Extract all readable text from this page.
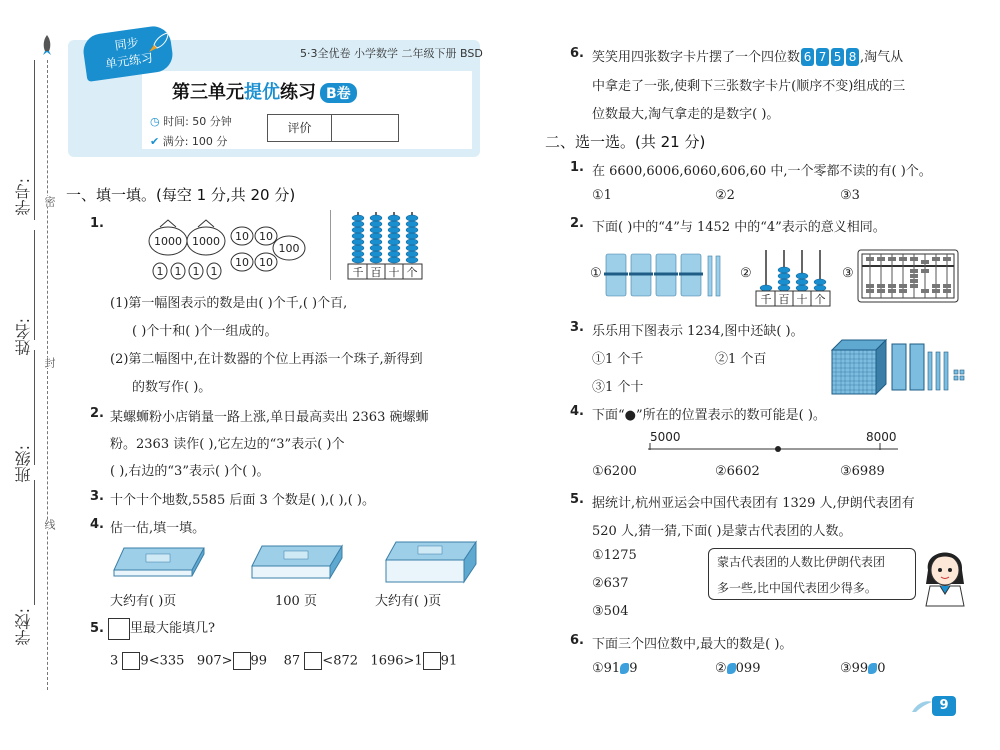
学号:
姓名:
班级:
学校:
密
封
线
同步
单元练习	5·3全优卷 小学数学 二年级下册 BSD
第三单元提优练习 B卷
◷ 时间: 50 分钟
✔ 满分: 100 分
评价
一、填一填。(每空 1 分,共 20 分)
1.
1000 1000 10 10
10 10
100
1 1 1 1	千 百 十 个
(1)第一幅图表示的数是由( )个千,( )个百,
( )个十和( )个一组成的。
(2)第二幅图中,在计数器的个位上再添一个珠子,新得到
的数写作( )。
2. 某螺蛳粉小店销量一路上涨,单日最高卖出 2363 碗螺蛳
粉。2363 读作( ),它左边的“3”表示( )个
( ),右边的“3”表示( )个( )。
3. 十个十个地数,5585 后面 3 个数是( ),( ),( )。
4. 估一估,填一填。
大约有( )页	100 页	大约有( )页
5.	里最大能填几?
3 9<335 907> 99 87 <872 1696>1 91
6. 笑笑用四张数字卡片摆了一个四位数 6 7 5 8 ,淘气从
中拿走了一张,使剩下三张数字卡片(顺序不变)组成的三
位数最大,淘气拿走的是数字( )。
二、选一选。(共 21 分)
1. 在 6600,6006,6060,606,60 中,一个零都不读的有( )个。
①1	②2	③3
2. 下面( )中的“4”与 1452 中的“4”表示的意义相同。
①	②
千 百 十 个
③
3. 乐乐用下图表示 1234,图中还缺( )。
①1 个千	②1 个百
③1 个十
4. 下面“●”所在的位置表示的数可能是( )。
5000	8000
①6200	②6602	③6989
5. 据统计,杭州亚运会中国代表团有 1329 人,伊朗代表团有
520 人,猜一猜,下面( )是蒙古代表团的人数。
①1275
②637
③504
蒙古代表团的人数比伊朗代表团
多一些,比中国代表团少得多。
6. 下面三个四位数中,最大的数是( )。
①91 9	② 099	③99 0
9
